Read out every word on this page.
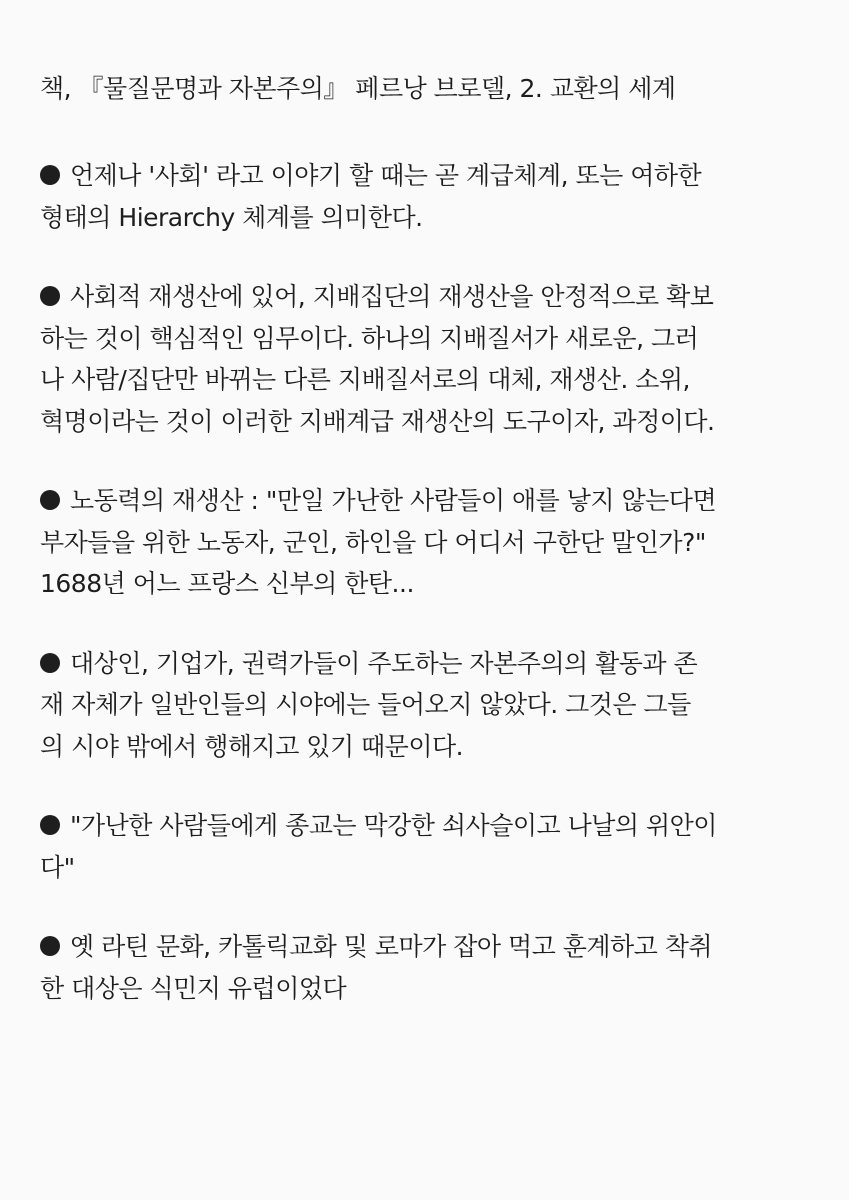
책, 『물질문명과 자본주의』 페르낭 브로델, 2. 교환의 세계

언제나 '사회' 라고 이야기 할 때는 곧 계급체계, 또는 여하한
형태의 Hierarchy 체계를 의미한다.

사회적 재생산에 있어, 지배집단의 재생산을 안정적으로 확보
하는 것이 핵심적인 임무이다. 하나의 지배질서가 새로운, 그러
나 사람/집단만 바뀌는 다른 지배질서로의 대체, 재생산. 소위,
혁명이라는 것이 이러한 지배계급 재생산의 도구이자, 과정이다.

노동력의 재생산 : "만일 가난한 사람들이 애를 낳지 않는다면
부자들을 위한 노동자, 군인, 하인을 다 어디서 구한단 말인가?"
1688년 어느 프랑스 신부의 한탄...

대상인, 기업가, 권력가들이 주도하는 자본주의의 활동과 존
재 자체가 일반인들의 시야에는 들어오지 않았다. 그것은 그들
의 시야 밖에서 행해지고 있기 때문이다.

"가난한 사람들에게 종교는 막강한 쇠사슬이고 나날의 위안이
다"

옛 라틴 문화, 카톨릭교화 및 로마가 잡아 먹고 훈계하고 착취
한 대상은 식민지 유럽이었다
